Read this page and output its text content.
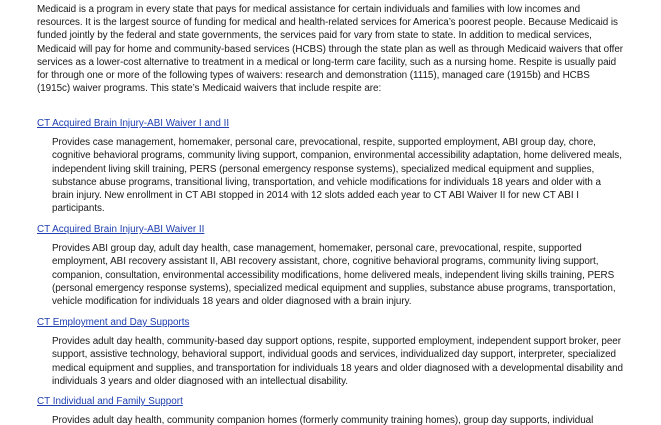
Medicaid is a program in every state that pays for medical assistance for certain individuals and families with low incomes and resources. It is the largest source of funding for medical and health-related services for America’s poorest people. Because Medicaid is funded jointly by the federal and state governments, the services paid for vary from state to state. In addition to medical services, Medicaid will pay for home and community-based services (HCBS) through the state plan as well as through Medicaid waivers that offer services as a lower-cost alternative to treatment in a medical or long-term care facility, such as a nursing home. Respite is usually paid for through one or more of the following types of waivers: research and demonstration (1115), managed care (1915b) and HCBS (1915c) waiver programs. This state’s Medicaid waivers that include respite are:

CT Acquired Brain Injury-ABI Waiver I and II

Provides case management, homemaker, personal care, prevocational, respite, supported employment, ABI group day, chore, cognitive behavioral programs, community living support, companion, environmental accessibility adaptation, home delivered meals, independent living skill training, PERS (personal emergency response systems), specialized medical equipment and supplies, substance abuse programs, transitional living, transportation, and vehicle modifications for individuals 18 years and older with a brain injury. New enrollment in CT ABI stopped in 2014 with 12 slots added each year to CT ABI Waiver II for new CT ABI I participants.

CT Acquired Brain Injury-ABI Waiver II

Provides ABI group day, adult day health, case management, homemaker, personal care, prevocational, respite, supported employment, ABI recovery assistant II, ABI recovery assistant, chore, cognitive behavioral programs, community living support, companion, consultation, environmental accessibility modifications, home delivered meals, independent living skills training, PERS (personal emergency response systems), specialized medical equipment and supplies, substance abuse programs, transportation, vehicle modification for individuals 18 years and older diagnosed with a brain injury.

CT Employment and Day Supports

Provides adult day health, community-based day support options, respite, supported employment, independent support broker, peer support, assistive technology, behavioral support, individual goods and services, individualized day support, interpreter, specialized medical equipment and supplies, and transportation for individuals 18 years and older diagnosed with a developmental disability and individuals 3 years and older diagnosed with an intellectual disability.

CT Individual and Family Support

Provides adult day health, community companion homes (formerly community training homes), group day supports, individual
